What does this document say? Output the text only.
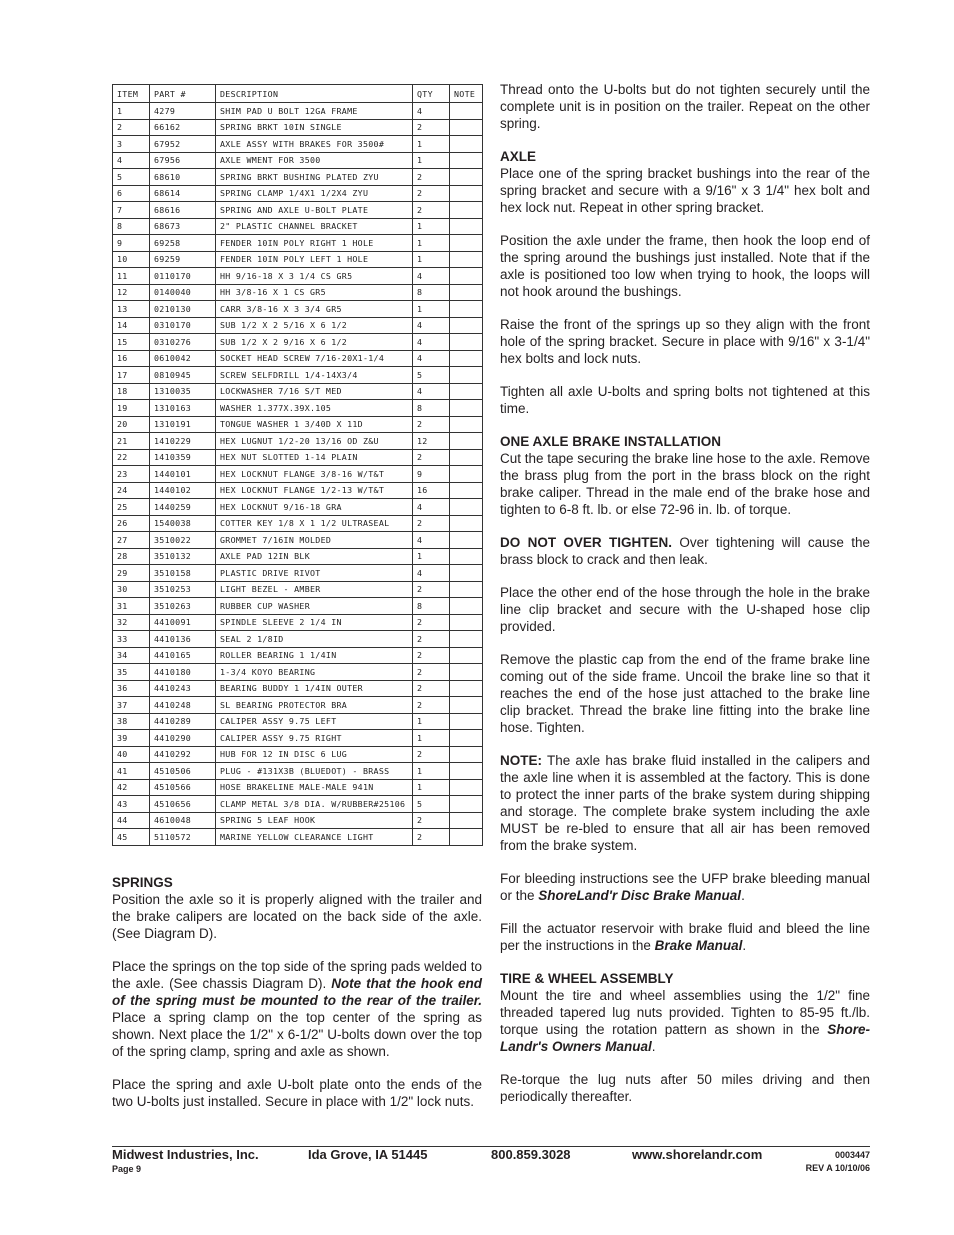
ITEM	PART #	DESCRIPTION	QTY	NOTE
1	4279	SHIM PAD U BOLT 12GA FRAME	4	
2	66162	SPRING BRKT 10IN SINGLE	2	
3	67952	AXLE ASSY WITH BRAKES FOR 3500#	1	
4	67956	AXLE WMENT FOR 3500	1	
5	68610	SPRING BRKT BUSHING PLATED ZYU	2	
6	68614	SPRING CLAMP 1/4X1 1/2X4 ZYU	2	
7	68616	SPRING AND AXLE U-BOLT PLATE	2	
8	68673	2" PLASTIC CHANNEL BRACKET	1	
9	69258	FENDER 10IN POLY RIGHT 1 HOLE	1	
10	69259	FENDER 10IN POLY LEFT 1 HOLE	1	
11	0110170	HH 9/16-18 X 3 1/4 CS GR5	4	
12	0140040	HH 3/8-16 X 1 CS GR5	8	
13	0210130	CARR 3/8-16 X 3 3/4 GR5	1	
14	0310170	SUB 1/2 X 2 5/16 X 6 1/2	4	
15	0310276	SUB 1/2 X 2 9/16 X 6 1/2	4	
16	0610042	SOCKET HEAD SCREW 7/16-20X1-1/4	4	
17	0810945	SCREW SELFDRILL 1/4-14X3/4	5	
18	1310035	LOCKWASHER 7/16 S/T MED	4	
19	1310163	WASHER 1.377X.39X.105	8	
20	1310191	TONGUE WASHER 1 3/40D X 11D	2	
21	1410229	HEX LUGNUT 1/2-20 13/16 OD Z&U	12	
22	1410359	HEX NUT SLOTTED 1-14 PLAIN	2	
23	1440101	HEX LOCKNUT FLANGE 3/8-16 W/T&T	9	
24	1440102	HEX LOCKNUT FLANGE 1/2-13 W/T&T	16	
25	1440259	HEX LOCKNUT 9/16-18 GRA	4	
26	1540038	COTTER KEY 1/8 X 1 1/2 ULTRASEAL	2	
27	3510022	GROMMET 7/16IN MOLDED	4	
28	3510132	AXLE PAD 12IN BLK	1	
29	3510158	PLASTIC DRIVE RIVOT	4	
30	3510253	LIGHT BEZEL - AMBER	2	
31	3510263	RUBBER CUP WASHER	8	
32	4410091	SPINDLE SLEEVE 2 1/4 IN	2	
33	4410136	SEAL 2 1/8ID	2	
34	4410165	ROLLER BEARING 1 1/4IN	2	
35	4410180	1-3/4 KOYO BEARING	2	
36	4410243	BEARING BUDDY 1 1/4IN OUTER	2	
37	4410248	SL BEARING PROTECTOR BRA	2	
38	4410289	CALIPER ASSY 9.75 LEFT	1	
39	4410290	CALIPER ASSY 9.75 RIGHT	1	
40	4410292	HUB FOR 12 IN DISC 6 LUG	2	
41	4510506	PLUG - #131X3B (BLUEDOT) - BRASS	1	
42	4510566	HOSE BRAKELINE MALE-MALE 941N	1	
43	4510656	CLAMP METAL 3/8 DIA. W/RUBBER#25106	5	
44	4610048	SPRING 5 LEAF HOOK	2	
45	5110572	MARINE YELLOW CLEARANCE LIGHT	2	
SPRINGS

Position the axle so it is properly aligned with the trailer and the brake calipers are located on the back side of the axle. (See Diagram D).

Place the springs on the top side of the spring pads welded to the axle. (See chassis Diagram D). Note that the hook end of the spring must be mounted to the rear of the trailer. Place a spring clamp on the top center of the spring as shown. Next place the 1/2" x 6-1/2" U-bolts down over the top of the spring clamp, spring and axle as shown.

Place the spring and axle U-bolt plate onto the ends of the two U-bolts just installed. Secure in place with 1/2" lock nuts.

Thread onto the U-bolts but do not tighten securely until the complete unit is in position on the trailer. Repeat on the other spring.

AXLE

Place one of the spring bracket bushings into the rear of the spring bracket and secure with a 9/16" x 3 1/4" hex bolt and hex lock nut. Repeat in other spring bracket.

Position the axle under the frame, then hook the loop end of the spring around the bushings just installed. Note that if the axle is positioned too low when trying to hook, the loops will not hook around the bushings.

Raise the front of the springs up so they align with the front hole of the spring bracket. Secure in place with 9/16" x 3-1/4" hex bolts and lock nuts.

Tighten all axle U-bolts and spring bolts not tightened at this time.

ONE AXLE BRAKE INSTALLATION

Cut the tape securing the brake line hose to the axle. Remove the brass plug from the port in the brass block on the right brake caliper. Thread in the male end of the brake hose and tighten to 6-8 ft. lb. or else 72-96 in. lb. of torque.

DO NOT OVER TIGHTEN. Over tightening will cause the brass block to crack and then leak.

Place the other end of the hose through the hole in the brake line clip bracket and secure with the U-shaped hose clip provided.

Remove the plastic cap from the end of the frame brake line coming out of the side frame. Uncoil the brake line so that it reaches the end of the hose just attached to the brake line clip bracket. Thread the brake line fitting into the brake line hose. Tighten.

NOTE: The axle has brake fluid installed in the calipers and the axle line when it is assembled at the factory. This is done to protect the inner parts of the brake system during shipping and storage. The complete brake system including the axle MUST be re-bled to ensure that all air has been removed from the brake system.

For bleeding instructions see the UFP brake bleeding manual or the ShoreLand'r Disc Brake Manual.

Fill the actuator reservoir with brake fluid and bleed the line per the instructions in the Brake Manual.

TIRE & WHEEL ASSEMBLY

Mount the tire and wheel assemblies using the 1/2" fine threaded tapered lug nuts provided. Tighten to 85-95 ft./lb. torque using the rotation pattern as shown in the Shore-Landr's Owners Manual.

Re-torque the lug nuts after 50 miles driving and then periodically thereafter.

Midwest Industries, Inc.	Ida Grove, IA 51445	800.859.3028	www.shorelandr.com	0003447
Page 9	REV A 10/10/06
